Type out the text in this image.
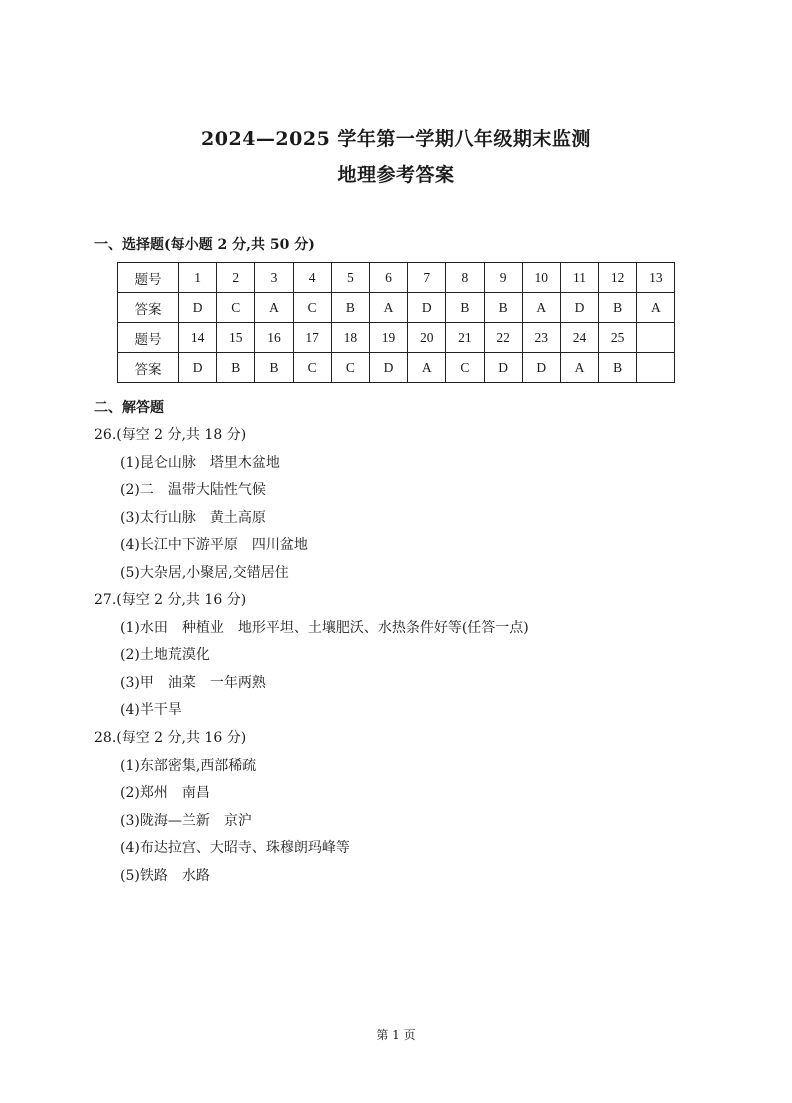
2024—2025 学年第一学期八年级期末监测
地理参考答案
一、选择题(每小题 2 分,共 50 分)
题号	1	2	3	4	5	6	7	8	9	10	11	12	13
答案	D	C	A	C	B	A	D	B	B	A	D	B	A
题号	14	15	16	17	18	19	20	21	22	23	24	25	
答案	D	B	B	C	C	D	A	C	D	D	A	B	
二、解答题
26.(每空 2 分,共 18 分)
(1)昆仑山脉　塔里木盆地
(2)二　温带大陆性气候
(3)太行山脉　黄土高原
(4)长江中下游平原　四川盆地
(5)大杂居,小聚居,交错居住
27.(每空 2 分,共 16 分)
(1)水田　种植业　地形平坦、土壤肥沃、水热条件好等(任答一点)
(2)土地荒漠化
(3)甲　油菜　一年两熟
(4)半干旱
28.(每空 2 分,共 16 分)
(1)东部密集,西部稀疏
(2)郑州　南昌
(3)陇海—兰新　京沪
(4)布达拉宫、大昭寺、珠穆朗玛峰等
(5)铁路　水路
第 1 页
